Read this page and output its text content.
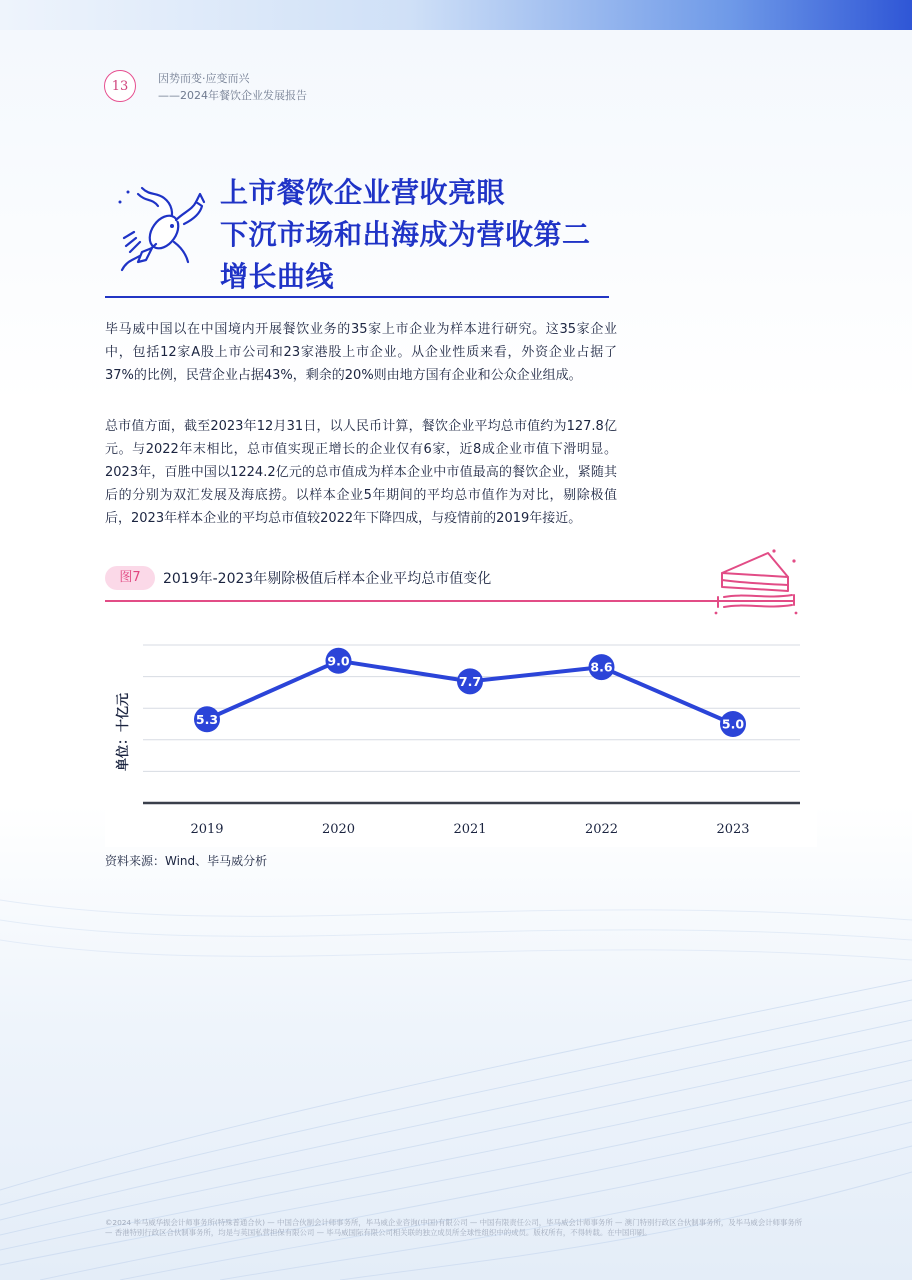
13	因势而变·应变而兴
——2024年餐饮企业发展报告
上市餐饮企业营收亮眼
下沉市场和出海成为营收第二
增长曲线

毕马威中国以在中国境内开展餐饮业务的35家上市企业为样本进行研究。这35家企业中，包括12家A股上市公司和23家港股上市企业。从企业性质来看，外资企业占据了37%的比例，民营企业占据43%，剩余的20%则由地方国有企业和公众企业组成。

总市值方面，截至2023年12月31日，以人民币计算，餐饮企业平均总市值约为127.8亿元。与2022年末相比，总市值实现正增长的企业仅有6家，近8成企业市值下滑明显。2023年，百胜中国以1224.2亿元的总市值成为样本企业中市值最高的餐饮企业，紧随其后的分别为双汇发展及海底捞。以样本企业5年期间的平均总市值作为对比，剔除极值后，2023年样本企业的平均总市值较2022年下降四成，与疫情前的2019年接近。

图7	2019年-2023年剔除极值后样本企业平均总市值变化
单位：十亿元
2019	2020	2021	2022	2023
5.3
9.0
7.7
8.6
5.0
资料来源：Wind、毕马威分析
©2024 毕马威华振会计师事务所(特殊普通合伙) — 中国合伙制会计师事务所，毕马威企业咨询(中国)有限公司 — 中国有限责任公司，毕马威会计师事务所 — 澳门特别行政区合伙制事务所，及毕马威会计师事务所 — 香港特别行政区合伙制事务所，均是与英国私营担保有限公司 — 毕马威国际有限公司相关联的独立成员所全球性组织中的成员。版权所有，不得转载。在中国印刷。
